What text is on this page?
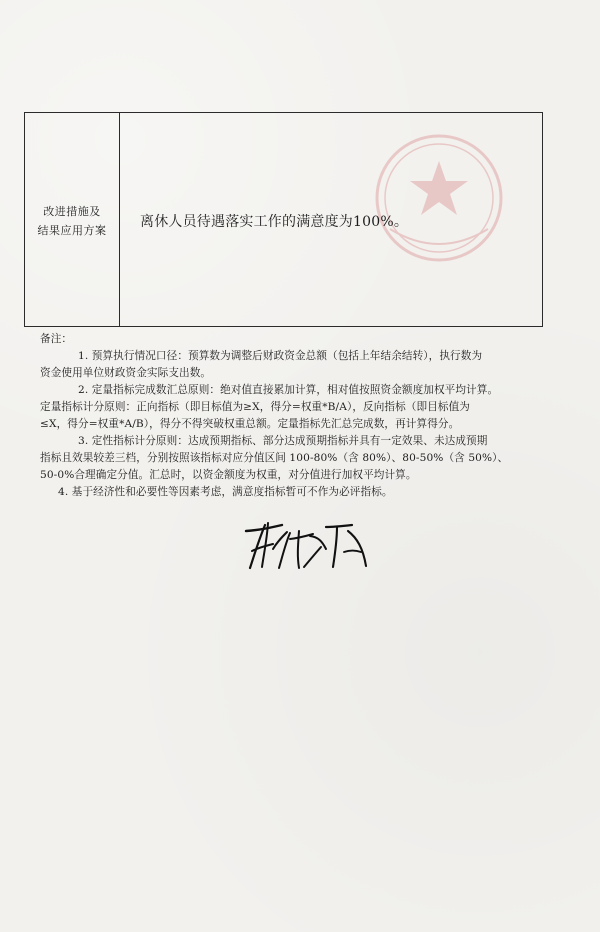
改进措施及
结果应用方案	离休人员待遇落实工作的满意度为100%。

备注：

1. 预算执行情况口径：预算数为调整后财政资金总额（包括上年结余结转），执行数为

资金使用单位财政资金实际支出数。

2. 定量指标完成数汇总原则：绝对值直接累加计算，相对值按照资金额度加权平均计算。

定量指标计分原则：正向指标（即目标值为≥X，得分=权重*B/A），反向指标（即目标值为

≤X，得分=权重*A/B），得分不得突破权重总额。定量指标先汇总完成数，再计算得分。

3. 定性指标计分原则：达成预期指标、部分达成预期指标并具有一定效果、未达成预期

指标且效果较差三档，分别按照该指标对应分值区间 100-80%（含 80%）、80-50%（含 50%）、

50-0%合理确定分值。汇总时，以资金额度为权重，对分值进行加权平均计算。

4. 基于经济性和必要性等因素考虑，满意度指标暂可不作为必评指标。
